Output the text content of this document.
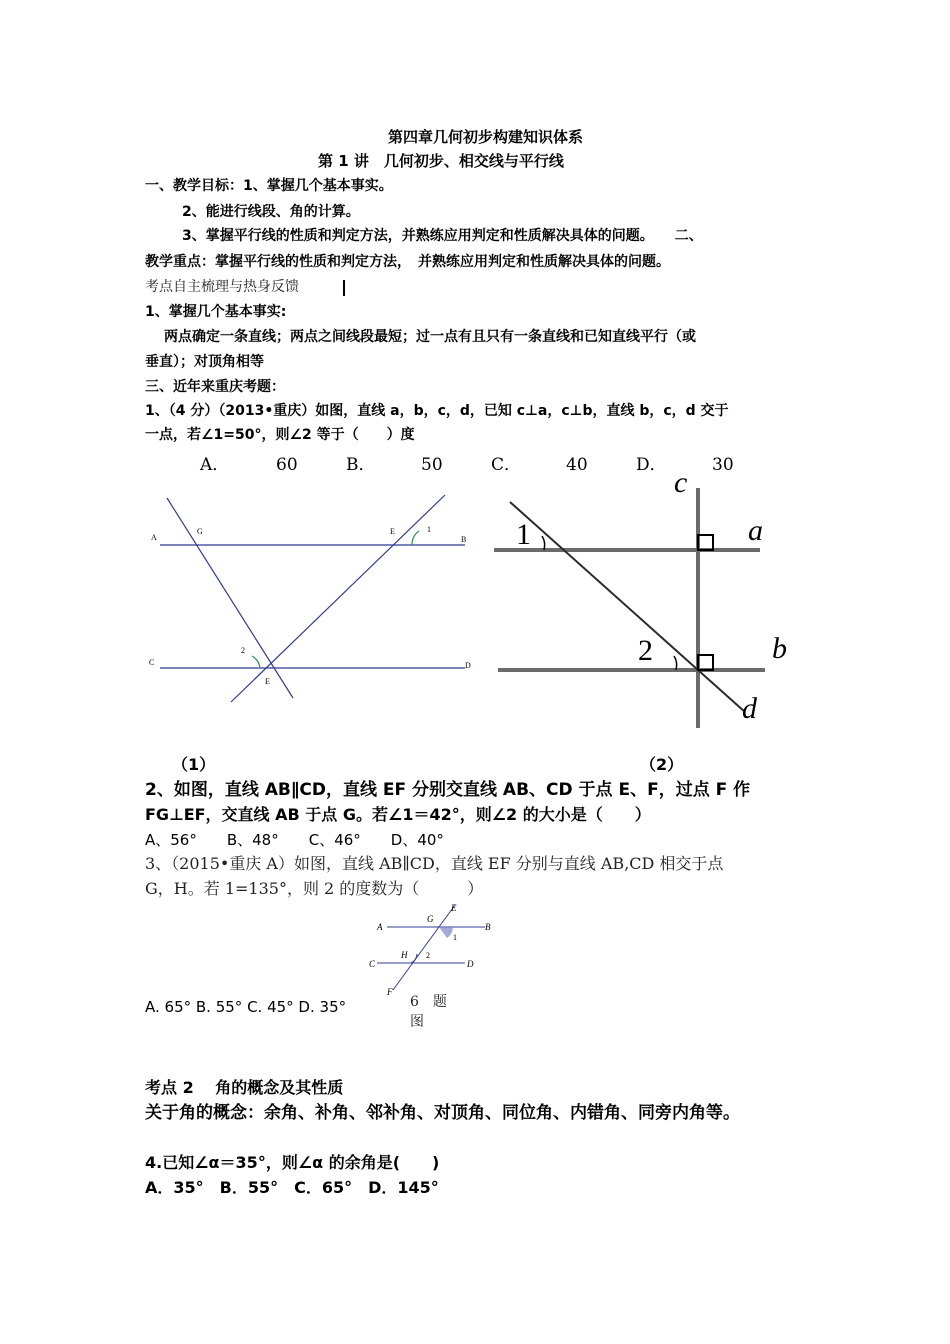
第四章几何初步构建知识体系
第 1 讲　几何初步、相交线与平行线
一、教学目标：1、掌握几个基本事实。
2、能进行线段、角的计算。
3、掌握平行线的性质和判定方法，并熟练应用判定和性质解决具体的问题。　　二、
教学重点：掌握平行线的性质和判定方法，　并熟练应用判定和性质解决具体的问题。
考点自主梳理与热身反馈
1、掌握几个基本事实:
两点确定一条直线；两点之间线段最短；过一点有且只有一条直线和已知直线平行（或
垂直）；对顶角相等
三、近年来重庆考题：
1、（4 分）（2013•重庆）如图，直线 a，b，c，d，已知 c⊥a，c⊥b，直线 b，c，d 交于
一点，若∠1=50°，则∠2 等于（　　）度
A．	60	B．	50	C．	40	D．	30
A
G	E	1
B
C
2
E
D
c
a
b
d
1
2
（1）	（2）
2、如图，直线 AB∥CD，直线 EF 分别交直线 AB、CD 于点 E、F，过点 F 作
FG⊥EF，交直线 AB 于点 G。若∠1＝42°，则∠2 的大小是（　　）
A、56°　　B、48°　　C、46°　　D、40°
3、（2015•重庆 A）如图，直线 AB∥CD，直线 EF 分别与直线 AB,CD 相交于点
G，H。若 1=135°，则 2 的度数为（　　　）
E
G
A	B
1
H 2
C	D
F
A. 65° B. 55° C. 45° D. 35°	6　题
图
考点 2　 角的概念及其性质
关于角的概念：余角、补角、邻补角、对顶角、同位角、内错角、同旁内角等。
4.已知∠α＝35°，则∠α 的余角是(　　)
A．35°　B．55°　C．65°　D．145°
